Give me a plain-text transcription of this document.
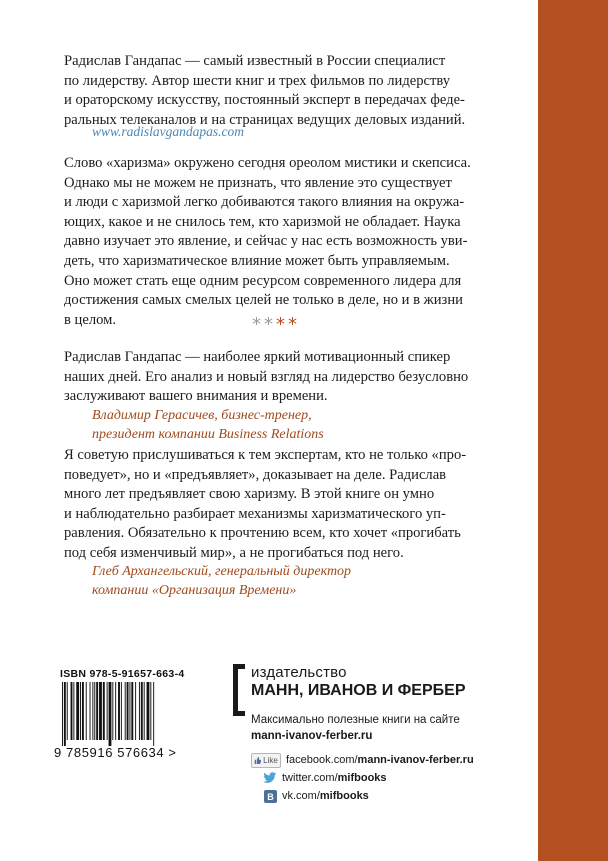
Радислав Гандапас — самый известный в России специалист
по лидерству. Автор шести книг и трех фильмов по лидерству
и ораторскому искусству, постоянный эксперт в передачах феде-
ральных телеканалов и на страницах ведущих деловых изданий.
www.radislavgandapas.com
Слово «харизма» окружено сегодня ореолом мистики и скепсиса.
Однако мы не можем не признать, что явление это существует
и люди с харизмой легко добиваются такого влияния на окружа-
ющих, какое и не снилось тем, кто харизмой не обладает. Наука
давно изучает это явление, и сейчас у нас есть возможность уви-
деть, что харизматическое влияние может быть управляемым.
Оно может стать еще одним ресурсом современного лидера для
достижения самых смелых целей не только в деле, но и в жизни
в целом.	****
Радислав Гандапас — наиболее яркий мотивационный спикер
наших дней. Его анализ и новый взгляд на лидерство безусловно
заслуживают вашего внимания и времени.
Владимир Герасичев, бизнес-тренер,
президент компании Business Relations
Я советую прислушиваться к тем экспертам, кто не только «про-
поведует», но и «предъявляет», доказывает на деле. Радислав
много лет предъявляет свою харизму. В этой книге он умно
и наблюдательно разбирает механизмы харизматического уп-
равления. Обязательно к прочтению всем, кто хочет «прогибать
под себя изменчивый мир», а не прогибаться под него.
Глеб Архангельский, генеральный директор
компании «Организация Времени»
ISBN 978-5-91657-663-4
9 785916 576634 >
издательство
МАНН, ИВАНОВ И ФЕРБЕР
Максимально полезные книги на сайте
mann-ivanov-ferber.ru
Like facebook.com/ mann-ivanov-ferber.ru
twitter.com/ mifbooks
B vk.com/ mifbooks
